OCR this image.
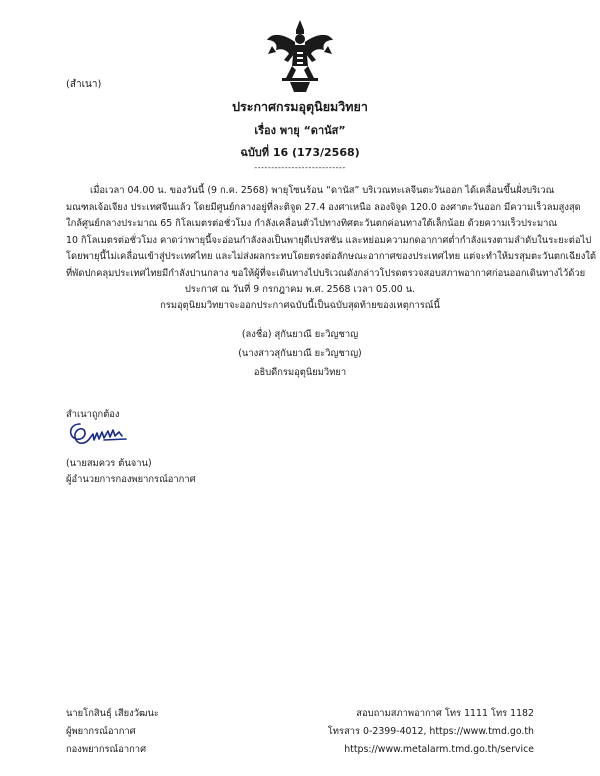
(สำเนา)
ประกาศกรมอุตุนิยมวิทยา
เรื่อง พายุ “ดานัส”
ฉบับที่ 16 (173/2568)
---------------------------
เมื่อเวลา 04.00 น. ของวันนี้ (9 ก.ค. 2568) พายุโซนร้อน “ดานัส” บริเวณทะเลจีนตะวันออก ได้เคลื่อนขึ้นฝั่งบริเวณ
มณฑลเจ้อเจียง ประเทศจีนแล้ว โดยมีศูนย์กลางอยู่ที่ละติจูด 27.4 องศาเหนือ ลองจิจูด 120.0 องศาตะวันออก มีความเร็วลมสูงสุด
ใกล้ศูนย์กลางประมาณ 65 กิโลเมตรต่อชั่วโมง กำลังเคลื่อนตัวไปทางทิศตะวันตกค่อนทางใต้เล็กน้อย ด้วยความเร็วประมาณ
10 กิโลเมตรต่อชั่วโมง คาดว่าพายุนี้จะอ่อนกำลังลงเป็นพายุดีเปรสชัน และหย่อมความกดอากาศต่ำกำลังแรงตามลำดับในระยะต่อไป
โดยพายุนี้ไม่เคลื่อนเข้าสู่ประเทศไทย และไม่ส่งผลกระทบโดยตรงต่อลักษณะอากาศของประเทศไทย แต่จะทำให้มรสุมตะวันตกเฉียงใต้
ที่พัดปกคลุมประเทศไทยมีกำลังปานกลาง ขอให้ผู้ที่จะเดินทางไปบริเวณดังกล่าวโปรดตรวจสอบสภาพอากาศก่อนออกเดินทางไว้ด้วย
ประกาศ ณ วันที่ 9 กรกฎาคม พ.ศ. 2568 เวลา 05.00 น.
กรมอุตุนิยมวิทยาจะออกประกาศฉบับนี้เป็นฉบับสุดท้ายของเหตุการณ์นี้
(ลงชื่อ) สุกันยาณี ยะวิญชาญ
(นางสาวสุกันยาณี ยะวิญชาญ)
อธิบดีกรมอุตุนิยมวิทยา
สำเนาถูกต้อง
(นายสมควร ต้นจาน)
ผู้อำนวยการกองพยากรณ์อากาศ
นายโกสินธุ์ เสียงวัฒนะ
ผู้พยากรณ์อากาศ
กองพยากรณ์อากาศ
สอบถามสภาพอากาศ โทร 1111 โทร 1182
โทรสาร 0-2399-4012, https://www.tmd.go.th
https://www.metalarm.tmd.go.th/service
